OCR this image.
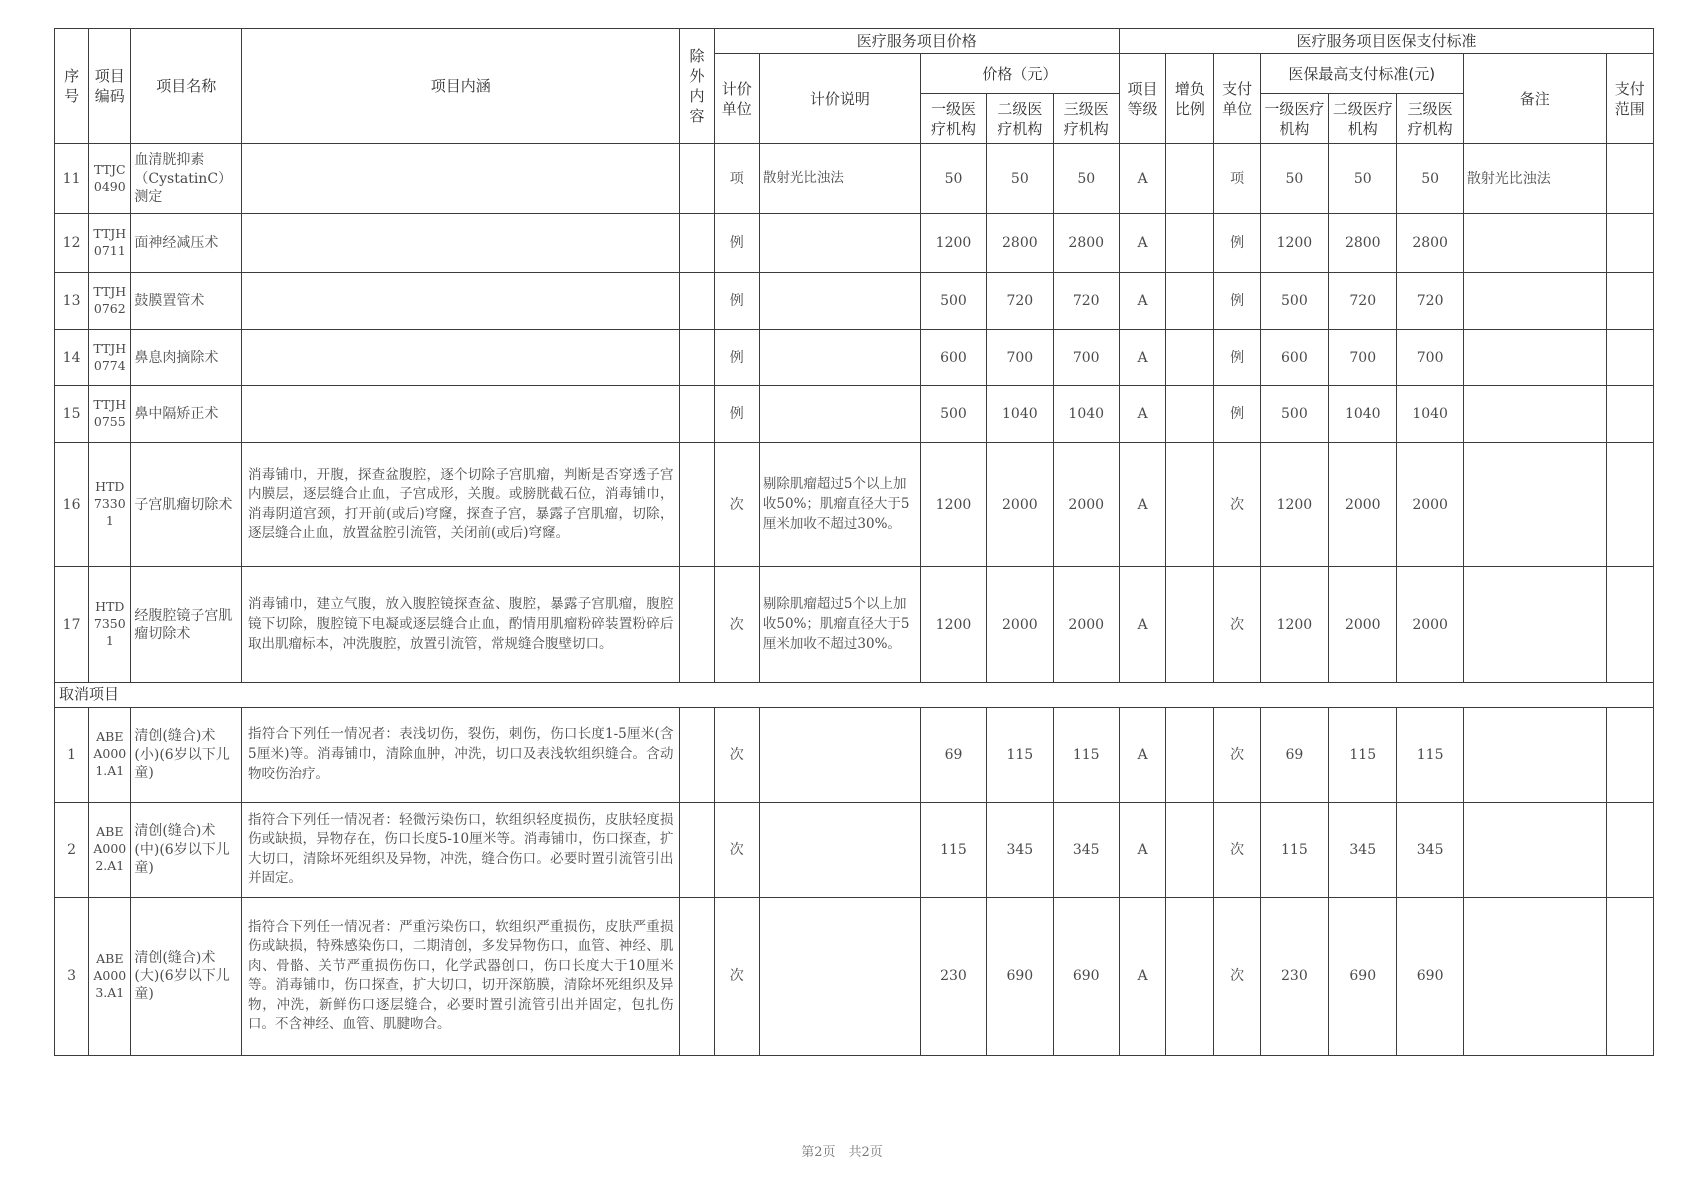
序号	项目编码	项目名称	项目内涵	除外内容	医疗服务项目价格					医疗服务项目医保支付标准							
					计价单位	计价说明	价格（元）			项目等级	增负比例	支付单位	医保最高支付标准(元)			备注	支付范围
							一级医疗机构	二级医疗机构	三级医疗机构				一级医疗机构	二级医疗机构	三级医疗机构		
11	TTJC0490	血清胱抑素（CystatinC）测定			项	散射光比浊法	50	50	50	A		项	50	50	50	散射光比浊法	
12	TTJH0711	面神经减压术			例		1200	2800	2800	A		例	1200	2800	2800		
13	TTJH0762	鼓膜置管术			例		500	720	720	A		例	500	720	720		
14	TTJH0774	鼻息肉摘除术			例		600	700	700	A		例	600	700	700		
15	TTJH0755	鼻中隔矫正术			例		500	1040	1040	A		例	500	1040	1040		
16	HTD73301	子宫肌瘤切除术	消毒铺巾，开腹，探查盆腹腔，逐个切除子宫肌瘤，判断是否穿透子宫内膜层，逐层缝合止血，子宫成形，关腹。或膀胱截石位，消毒铺巾，消毒阴道宫颈，打开前(或后)穹窿，探查子宫，暴露子宫肌瘤，切除，逐层缝合止血，放置盆腔引流管，关闭前(或后)穹窿。		次	剔除肌瘤超过5个以上加收50%；肌瘤直径大于5厘米加收不超过30%。	1200	2000	2000	A		次	1200	2000	2000		
17	HTD73501	经腹腔镜子宫肌瘤切除术	消毒铺巾，建立气腹，放入腹腔镜探查盆、腹腔，暴露子宫肌瘤，腹腔镜下切除，腹腔镜下电凝或逐层缝合止血，酌情用肌瘤粉碎装置粉碎后取出肌瘤标本，冲洗腹腔，放置引流管，常规缝合腹壁切口。		次	剔除肌瘤超过5个以上加收50%；肌瘤直径大于5厘米加收不超过30%。	1200	2000	2000	A		次	1200	2000	2000		
取消项目																	
1	ABEA0001.A1	清创(缝合)术(小)(6岁以下儿童)	指符合下列任一情况者：表浅切伤，裂伤，刺伤，伤口长度1-5厘米(含5厘米)等。消毒铺巾，清除血肿，冲洗，切口及表浅软组织缝合。含动物咬伤治疗。		次		69	115	115	A		次	69	115	115		
2	ABEA0002.A1	清创(缝合)术(中)(6岁以下儿童)	指符合下列任一情况者：轻微污染伤口，软组织轻度损伤，皮肤轻度损伤或缺损，异物存在，伤口长度5-10厘米等。消毒铺巾，伤口探查，扩大切口，清除坏死组织及异物，冲洗，缝合伤口。必要时置引流管引出并固定。		次		115	345	345	A		次	115	345	345		
3	ABEA0003.A1	清创(缝合)术(大)(6岁以下儿童)	指符合下列任一情况者：严重污染伤口，软组织严重损伤，皮肤严重损伤或缺损，特殊感染伤口，二期清创，多发异物伤口，血管、神经、肌肉、骨骼、关节严重损伤伤口，化学武器创口，伤口长度大于10厘米等。消毒铺巾，伤口探查，扩大切口，切开深筋膜，清除坏死组织及异物，冲洗，新鲜伤口逐层缝合，必要时置引流管引出并固定，包扎伤口。不含神经、血管、肌腱吻合。		次		230	690	690	A		次	230	690	690		
第2页　共2页
